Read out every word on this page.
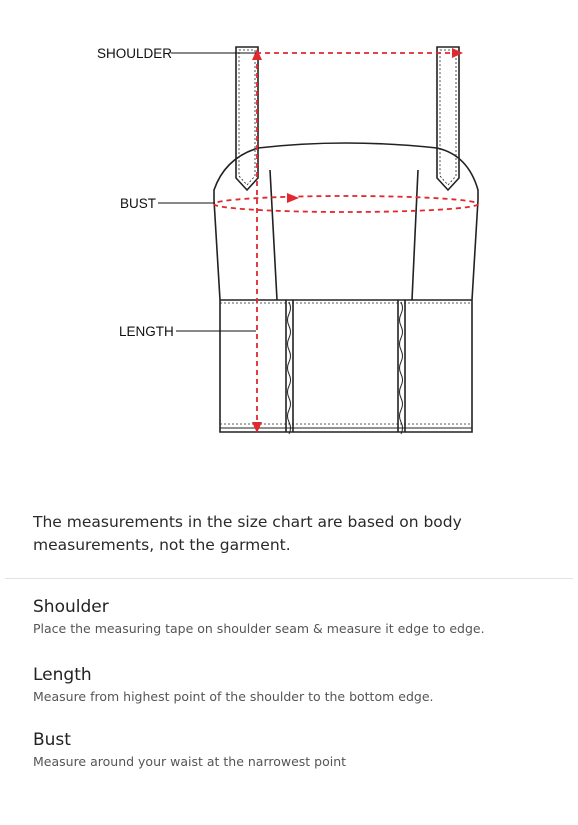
SHOULDER
BUST
LENGTH
The measurements in the size chart are based on body measurements, not the garment.
Shoulder
Place the measuring tape on shoulder seam & measure it edge to edge.
Length
Measure from highest point of the shoulder to the bottom edge.
Bust
Measure around your waist at the narrowest point
